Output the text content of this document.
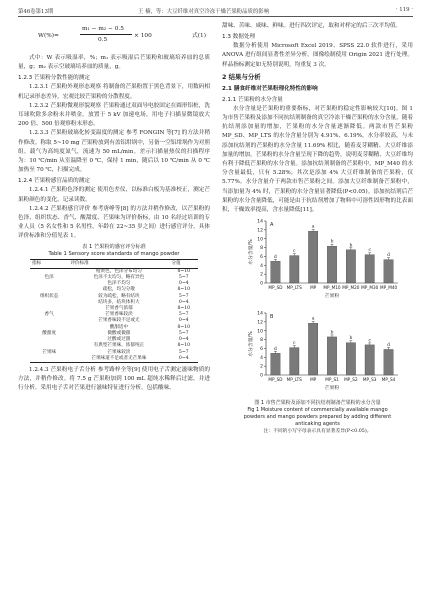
第46卷第13期	王 楠，等：大豆纤维对真空冷冻干燥芒果粉品质的影响	· 119 ·
W(%)=
m₁ − m₂ − 0.5
0.5
× 100	式(1)

式中：W 表示吸湿率，%；m₁ 表示吸湿后芒果粉和玻璃培养皿的总质量，g；m₂ 表示空玻璃培养皿的质量，g。

1.2.3 芒果粉分散性能的测定

1.2.3.1 芒果粉外观形态观察 将制备的芒果粉置于黑色背景下，用数码相机记录形态差异，宏观比较芒果粉的分散程度。

1.2.3.2 芒果粉微观形貌观察 芒果粉通过双面导电胶固定在圆形铝桩，洗耳球吹除多余粉末并喷金。放置于 5 kV 加速电场，用电子扫描显微镜放大 200 倍、500 倍观察粉末形态。

1.2.3.3 芒果粉玻璃化转变温度的测定 参考 FONGIN 等[7] 的方法并稍作修改。称取 5~10 mg 芒果粉放到有盖铝坩埚中，另备一空铝坩埚作为对照组。载气为高纯度氮气，流速为 50 mL/min。差示扫描量热仪的扫描程序为：10 ℃/min 从室温降至 0 ℃，保持 1 min，随后以 10 ℃/min 从 0 ℃ 加热至 70 ℃，扫描完成。

1.2.4 芒果粉感官品质的测定

1.2.4.1 芒果粉色泽的测定 使用色差仪，以标准白板为基准校正，测定芒果粉颜色的变化，记录读数。

1.2.4.2 芒果粉感官评价 参考唐峥等[8] 的方法并稍作修改，以芒果粉的色泽、组织状态、香气、酸甜度、芒果味为评价指标，由 10 名经过培训的专业人员（5 名女性和 5 名男性，年龄在 22~35 岁之间）进行感官评分，具体评价标准和分值见表 1。

表 1 芒果粉的感官评分标准
Table 1 Sensory score standards of mango powder
指标	评价标准	分值
	橙黄色，色泽分布均匀	8~10
色泽	色泽不太均匀，略有异色	5~7
	色泽不均匀	0~4
	疏松，均匀分散	8~10
组织状态	较为疏松，略有结块	5~7
	结块多，结块体积大	0~4
	芒果香气浓郁	8~10
香气	芒果香味较淡	5~7
	芒果香味较不足或无	0~4
	酸甜适中	8~10
酸甜度	微酸或微甜	5~7
	过酸或过甜	0~4
	有典型芒果味，浓郁纯正	8~10
芒果味	芒果味较淡	5~7
	芒果味道不足或者无芒果味	0~4

1.2.4.3 芒果粉电子舌分析 参考路梓全等[9] 使用电子舌测定滋味物质的方法，并稍作修改。将 7.5 g 芒果粉加到 100 mL 超纯水稀释后过滤，并进行分析。采用电子舌对芒果进行滋味特征进行分析，包括酸味、

甜味、苦味、咸味、鲜味。进行四次评定，取和对样定的后三次平均值。

1.3 数据处理

数据分析使用 Microsoft Excel 2019、SPSS 22.0 软件进行，采用 ANOVA 进行组间显著性差异分析。图像绘制使用 Origin 2021 进行处理。样品指标测定如无特别说明，均重复 3 次。

2 结果与分析
2.1 膳食纤维对芒果粉理化特性的影响
2.1.1 芒果粉的水分含量

水分含量是芒果粉的重要指标，对芒果粉的稳定性影响较大[10]。图 1 为市售芒果粉及添加不同抗结剂制备的真空冷冻干燥芒果粉的水分含量，随着抗结剂添加量的增加，芒果粉的水分含量逐渐降低。两款市售芒果粉 MP_SD、MP_LTS 的水分含量分别为 4.91%、6.19%，水分率较高，与未添加抗结剂的芒果粉的水分含量 11.69% 相比，随着麦芽糊精、大豆纤维添加量的增加，芒果粉的水分含量呈现下降的趋势，说明麦芽糊精、大豆纤维均有利于降低芒果粉的水分含量。添加抗结剂制备的芒果粉中，MP_M40 的水分含量最低，只有 5.28%；其次是添加 4% 大豆纤维制备的芒果粉，仅 5.77%。水分含量介于两款市售芒果粉之间。添加大豆纤维制备芒果粉中，当添加量为 4% 时，芒果粉的水分含量显著降低(P<0.05)。添加抗结剂后芒果粉的水分含量降低，可能是由于抗结剂增加了物料中可溶性固形物的比表面积，干燥效率提高，含水量降低[11]。

0
2
4
6
8
10
12
14
水分含量/%
A
d
MP_SD
c
MP_LTS
a
MP
b
MP_M10
b
MP_M20
c
MP_M30
d
MP_M40
芒果粉

0
2
4
6
8
10
12
14
水分含量/%
B
d
MP_SD
c
MP_LTS
a
MP
b
MP_S1
b
MP_S2
c
MP_S3
d
MP_S4
芒果粉
图 1 市售芒果粉及添加不同抗结剂制备芒果粉的水分含量
Fig 1 Moisture content of commercially available mango
powders and mango powders prepared by adding different
anticaking agents
注：不同的小写字母表示具有显著差异(P<0.05)。
